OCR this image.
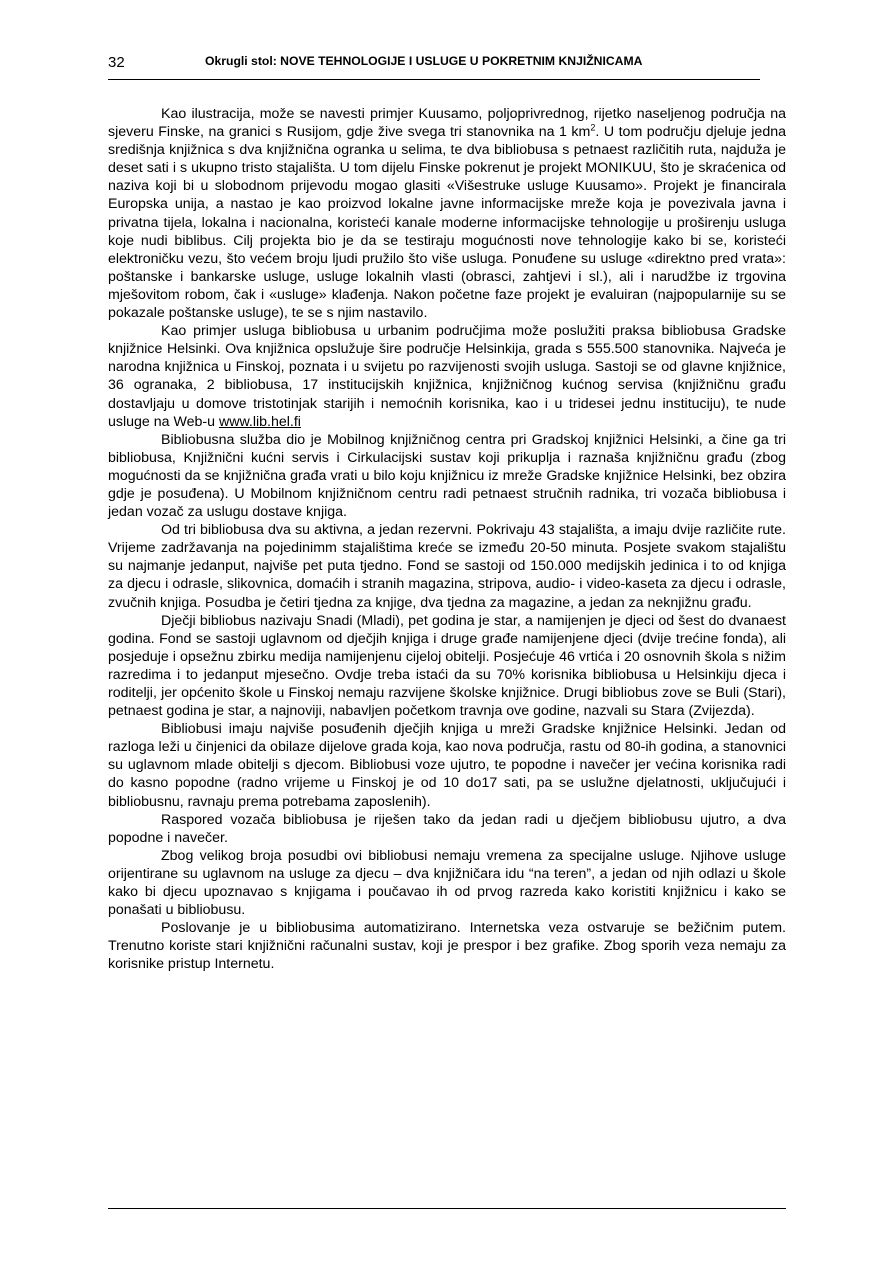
32	Okrugli stol: NOVE TEHNOLOGIJE I USLUGE U POKRETNIM KNJIŽNICAMA

Kao ilustracija, može se navesti primjer Kuusamo, poljoprivrednog, rijetko naseljenog područja na sjeveru Finske, na granici s Rusijom, gdje žive svega tri stanovnika na 1 $km^2$. U tom području djeluje jedna središnja knjižnica s dva knjižnična ogranka u selima, te dva bibliobusa s petnaest različitih ruta, najduža je deset sati i s ukupno tristo stajališta. U tom dijelu Finske pokrenut je projekt MONIKUU, što je skraćenica od naziva koji bi u slobodnom prijevodu mogao glasiti «Višestruke usluge Kuusamo». Projekt je financirala Europska unija, a nastao je kao proizvod lokalne javne informacijske mreže koja je povezivala javna i privatna tijela, lokalna i nacionalna, koristeći kanale moderne informacijske tehnologije u proširenju usluga koje nudi biblibus. Cilj projekta bio je da se testiraju mogućnosti nove tehnologije kako bi se, koristeći elektroničku vezu, što većem broju ljudi pružilo što više usluga. Ponuđene su usluge «direktno pred vrata»: poštanske i bankarske usluge, usluge lokalnih vlasti (obrasci, zahtjevi i sl.), ali i narudžbe iz trgovina mješovitom robom, čak i «usluge» klađenja. Nakon početne faze projekt je evaluiran (najpopularnije su se pokazale poštanske usluge), te se s njim nastavilo.

Kao primjer usluga bibliobusa u urbanim područjima može poslužiti praksa bibliobusa Gradske knjižnice Helsinki. Ova knjižnica opslužuje šire područje Helsinkija, grada s 555.500 stanovnika. Najveća je narodna knjižnica u Finskoj, poznata i u svijetu po razvijenosti svojih usluga. Sastoji se od glavne knjižnice, 36 ogranaka, 2 bibliobusa, 17 institucijskih knjižnica, knjižničnog kućnog servisa (knjižničnu građu dostavljaju u domove tristotinjak starijih i nemoćnih korisnika, kao i u tridesei jednu instituciju), te nude usluge na Web-u www.lib.hel.fi

Bibliobusna služba dio je Mobilnog knjižničnog centra pri Gradskoj knjižnici Helsinki, a čine ga tri bibliobusa, Knjižnični kućni servis i Cirkulacijski sustav koji prikuplja i raznaša knjižničnu građu (zbog mogućnosti da se knjižnična građa vrati u bilo koju knjižnicu iz mreže Gradske knjižnice Helsinki, bez obzira gdje je posuđena). U Mobilnom knjižničnom centru radi petnaest stručnih radnika, tri vozača bibliobusa i jedan vozač za uslugu dostave knjiga.

Od tri bibliobusa dva su aktivna, a jedan rezervni. Pokrivaju 43 stajališta, a imaju dvije različite rute. Vrijeme zadržavanja na pojedinimm stajalištima kreće se između 20-50 minuta. Posjete svakom stajalištu su najmanje jedanput, najviše pet puta tjedno. Fond se sastoji od 150.000 medijskih jedinica i to od knjiga za djecu i odrasle, slikovnica, domaćih i stranih magazina, stripova, audio- i video-kaseta za djecu i odrasle, zvučnih knjiga. Posudba je četiri tjedna za knjige, dva tjedna za magazine, a jedan za neknjižnu građu.

Dječji bibliobus nazivaju Snadi (Mladi), pet godina je star, a namijenjen je djeci od šest do dvanaest godina. Fond se sastoji uglavnom od dječjih knjiga i druge građe namijenjene djeci (dvije trećine fonda), ali posjeduje i opsežnu zbirku medija namijenjenu cijeloj obitelji. Posjećuje 46 vrtića i 20 osnovnih škola s nižim razredima i to jedanput mjesečno. Ovdje treba istaći da su 70% korisnika bibliobusa u Helsinkiju djeca i roditelji, jer općenito škole u Finskoj nemaju razvijene školske knjižnice. Drugi bibliobus zove se Buli (Stari), petnaest godina je star, a najnoviji, nabavljen početkom travnja ove godine, nazvali su Stara (Zvijezda).

Bibliobusi imaju najviše posuđenih dječjih knjiga u mreži Gradske knjižnice Helsinki. Jedan od razloga leži u činjenici da obilaze dijelove grada koja, kao nova područja, rastu od 80-ih godina, a stanovnici su uglavnom mlade obitelji s djecom. Bibliobusi voze ujutro, te popodne i navečer jer većina korisnika radi do kasno popodne (radno vrijeme u Finskoj je od 10 do17 sati, pa se uslužne djelatnosti, uključujući i bibliobusnu, ravnaju prema potrebama zaposlenih).

Raspored vozača bibliobusa je riješen tako da jedan radi u dječjem bibliobusu ujutro, a dva popodne i navečer.

Zbog velikog broja posudbi ovi bibliobusi nemaju vremena za specijalne usluge. Njihove usluge orijentirane su uglavnom na usluge za djecu – dva knjižničara idu “na teren”, a jedan od njih odlazi u škole kako bi djecu upoznavao s knjigama i poučavao ih od prvog razreda kako koristiti knjižnicu i kako se ponašati u bibliobusu.

Poslovanje je u bibliobusima automatizirano. Internetska veza ostvaruje se bežičnim putem. Trenutno koriste stari knjižnični računalni sustav, koji je prespor i bez grafike. Zbog sporih veza nemaju za korisnike pristup Internetu.
